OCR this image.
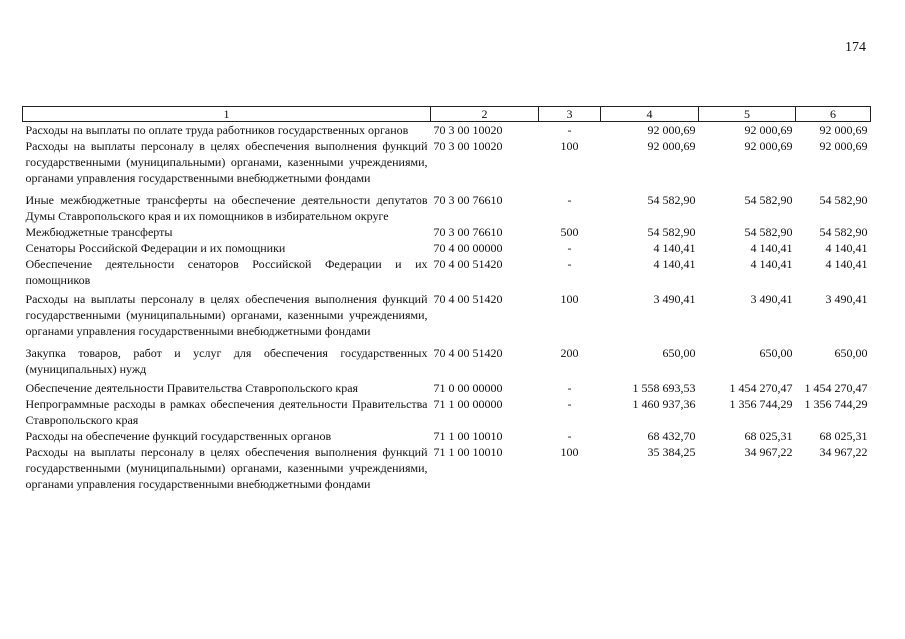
174
1	2	3	4	5	6
Расходы на выплаты по оплате труда работников государственных органов	70 3 00 10020	-	92 000,69	92 000,69	92 000,69
Расходы на выплаты персоналу в целях обеспечения выполнения функций государственными (муниципальными) органами, казенными учреждениями, органами управления государственными внебюджетными фондами	70 3 00 10020	100	92 000,69	92 000,69	92 000,69
Иные межбюджетные трансферты на обеспечение деятельности депутатов Думы Ставропольского края и их помощников в избирательном округе	70 3 00 76610	-	54 582,90	54 582,90	54 582,90
Межбюджетные трансферты	70 3 00 76610	500	54 582,90	54 582,90	54 582,90
Сенаторы Российской Федерации и их помощники	70 4 00 00000	-	4 140,41	4 140,41	4 140,41
Обеспечение деятельности сенаторов Российской Федерации и их помощников	70 4 00 51420	-	4 140,41	4 140,41	4 140,41
Расходы на выплаты персоналу в целях обеспечения выполнения функций государственными (муниципальными) органами, казенными учреждениями, органами управления государственными внебюджетными фондами	70 4 00 51420	100	3 490,41	3 490,41	3 490,41
Закупка товаров, работ и услуг для обеспечения государственных (муниципальных) нужд	70 4 00 51420	200	650,00	650,00	650,00
Обеспечение деятельности Правительства Ставропольского края	71 0 00 00000	-	1 558 693,53	1 454 270,47	1 454 270,47
Непрограммные расходы в рамках обеспечения деятельности Правительства Ставропольского края	71 1 00 00000	-	1 460 937,36	1 356 744,29	1 356 744,29
Расходы на обеспечение функций государственных органов	71 1 00 10010	-	68 432,70	68 025,31	68 025,31
Расходы на выплаты персоналу в целях обеспечения выполнения функций государственными (муниципальными) органами, казенными учреждениями, органами управления государственными внебюджетными фондами	71 1 00 10010	100	35 384,25	34 967,22	34 967,22
